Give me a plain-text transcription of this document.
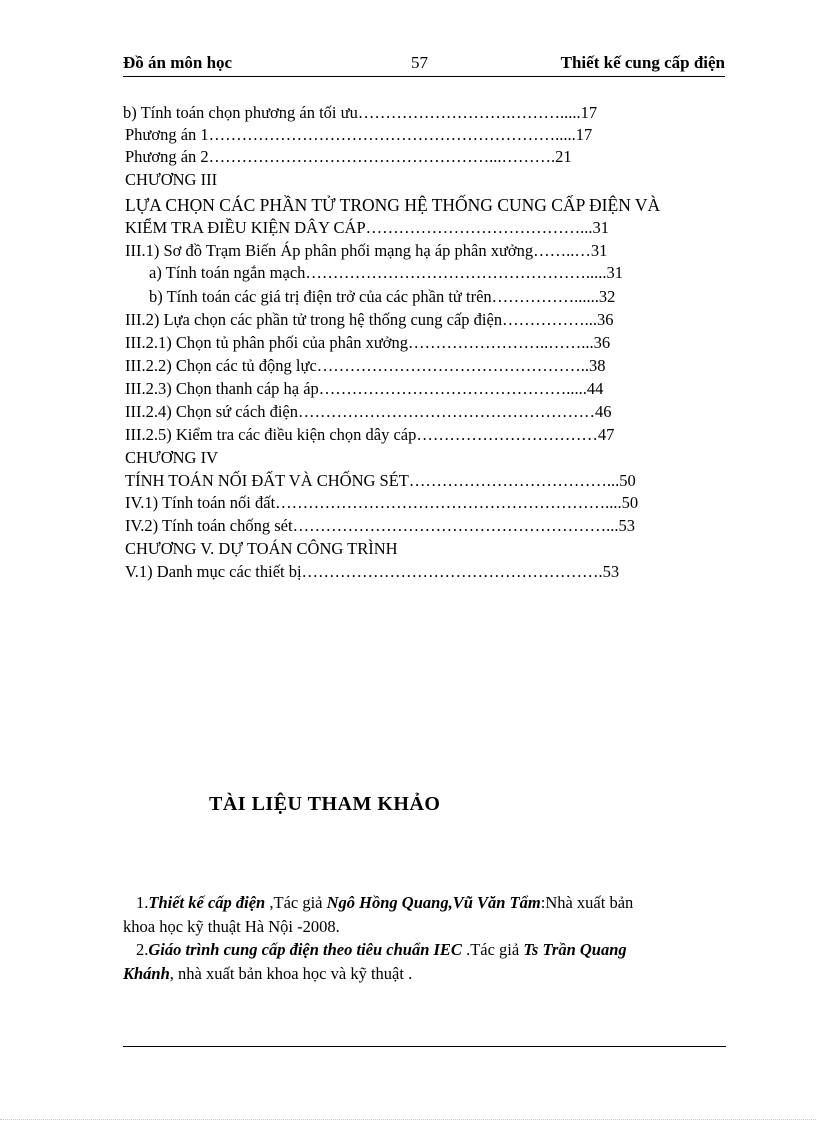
Đồ án môn học	57	Thiết kế cung cấp điện
b) Tính toán chọn phương án tối ưu……………………….……….....17
Phương án 1……………………………………………………….....17
Phương án 2……………………………………………...……….21
CHƯƠNG III
LỰA CHỌN CÁC PHẦN TỬ TRONG HỆ THỐNG CUNG CẤP ĐIỆN VÀ
KIỂM TRA ĐIỀU KIỆN DÂY CÁP…………………………………...31
III.1) Sơ đồ Trạm Biến Áp phân phối mạng hạ áp phân xưởng……..…31
a) Tính toán ngắn mạch…………………………………………….....31
b) Tính toán các giá trị điện trở của các phần tử trên……………......32
III.2) Lựa chọn các phần tử trong hệ thống cung cấp điện……………...36
III.2.1) Chọn tủ phân phối của phân xưởng……………………..……...36
III.2.2) Chọn các tủ động lực…………………………………………..38
III.2.3) Chọn thanh cáp hạ áp……………………………………….....44
III.2.4) Chọn sứ cách điện………………………………………………46
III.2.5) Kiểm tra các điều kiện chọn dây cáp……………………………47
CHƯƠNG IV
TÍNH TOÁN NỐI ĐẤT VÀ CHỐNG SÉT………………………………...50
IV.1) Tính toán nối đất……………………………………………………....50
IV.2) Tính toán chống sét…………………………………………………...53
CHƯƠNG V. DỰ TOÁN CÔNG TRÌNH
V.1) Danh mục các thiết bị……………………………………………….53
TÀI LIỆU THAM KHẢO
1.Thiết kế cấp điện ,Tác giả Ngô Hồng Quang,Vũ Văn Tẩm:Nhà xuất bản
khoa học kỹ thuật Hà Nội -2008.
2.Giáo trình cung cấp điện theo tiêu chuẩn IEC .Tác giả Ts Trần Quang
Khánh, nhà xuất bản khoa học và kỹ thuật .
